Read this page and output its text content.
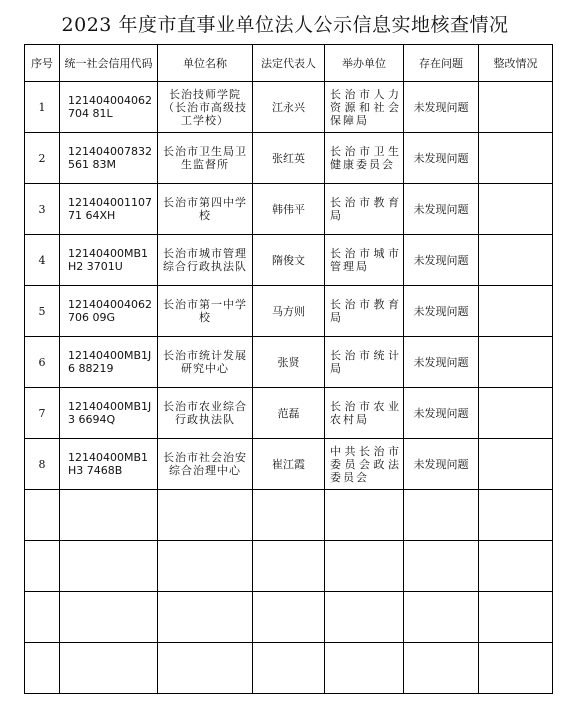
2023 年度市直事业单位法人公示信息实地核查情况
序号	统一社会信用代码	单位名称	法定代表人	举办单位	存在问题	整改情况
1	121404004062704 81L	长治技师学院（长治市高级技工学校）	江永兴	长治市人力资源和社会保障局	未发现问题	
2	121404007832561 83M	长治市卫生局卫生监督所	张红英	长治市卫生健康委员会	未发现问题	
3	12140400110771 64XH	长治市第四中学校	韩伟平	长治市教育局	未发现问题	
4	12140400MB1H2 3701U	长治市城市管理综合行政执法队	隋俊文	长治市城市管理局	未发现问题	
5	121404004062706 09G	长治市第一中学校	马方则	长治市教育局	未发现问题	
6	12140400MB1J6 88219	长治市统计发展研究中心	张贤	长治市统计局	未发现问题	
7	12140400MB1J3 6694Q	长治市农业综合行政执法队	范磊	长治市农业农村局	未发现问题	
8	12140400MB1H3 7468B	长治市社会治安综合治理中心	崔江霞	中共长治市委员会政法委员会	未发现问题	
